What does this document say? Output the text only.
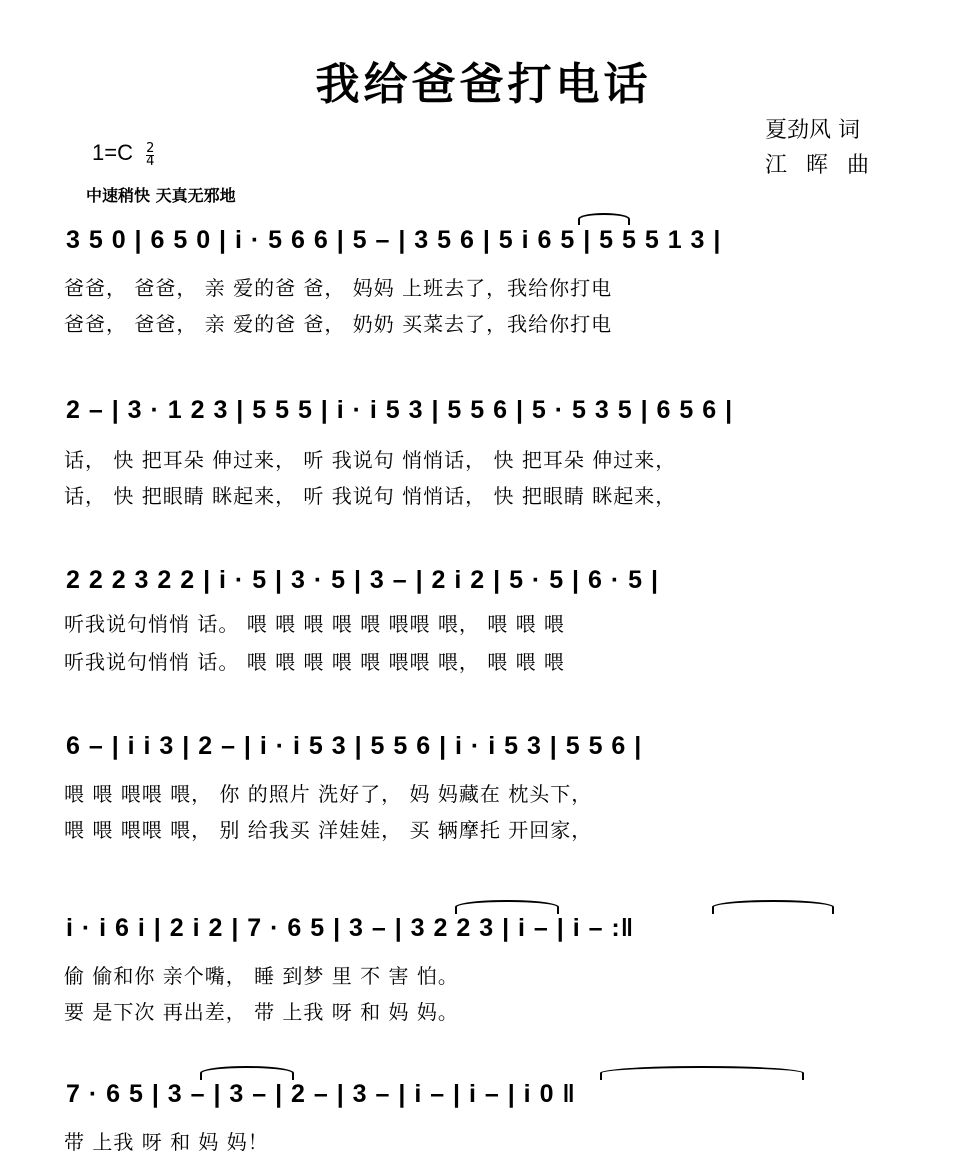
我给爸爸打电话
夏劲风 词
江 晖 曲
$1=C \frac{2}{4}$
中速稍快 天真无邪地
3 5 0 | 6 5 0 | i · 5 6 6 | 5 – | 3 5 6 | 5 i 6 5 | 5 5 5 1 3 |
爸爸， 爸爸， 亲 爱的爸 爸， 妈妈 上班去了，我给你打电
爸爸， 爸爸， 亲 爱的爸 爸， 奶奶 买菜去了，我给你打电
2 – | 3 · 1 2 3 | 5 5 5 | i · i 5 3 | 5 5 6 | 5 · 5 3 5 | 6 5 6 |
话， 快 把耳朵 伸过来， 听 我说句 悄悄话， 快 把耳朵 伸过来，
话， 快 把眼睛 眯起来， 听 我说句 悄悄话， 快 把眼睛 眯起来，
2 2 2 3 2 2 | i · 5 | 3 · 5 | 3 – | 2 i 2 | 5 · 5 | 6 · 5 |
听我说句悄悄 话。 喂 喂 喂 喂 喂 喂喂 喂， 喂 喂 喂
听我说句悄悄 话。 喂 喂 喂 喂 喂 喂喂 喂， 喂 喂 喂
6 – | i i 3 | 2 – | i · i 5 3 | 5 5 6 | i · i 5 3 | 5 5 6 |
喂 喂 喂喂 喂， 你 的照片 洗好了， 妈 妈藏在 枕头下，
喂 喂 喂喂 喂， 别 给我买 洋娃娃， 买 辆摩托 开回家，
i · i 6 i | 2 i 2 | 7 · 6 5 | 3 – | 3 2 2 3 | i – | i – :‖
偷 偷和你 亲个嘴， 睡 到梦 里 不 害 怕。
要 是下次 再出差， 带 上我 呀 和 妈 妈。
7 · 6 5 | 3 – | 3 – | 2 – | 3 – | i – | i – | i 0 ‖
带 上我 呀 和 妈 妈！
